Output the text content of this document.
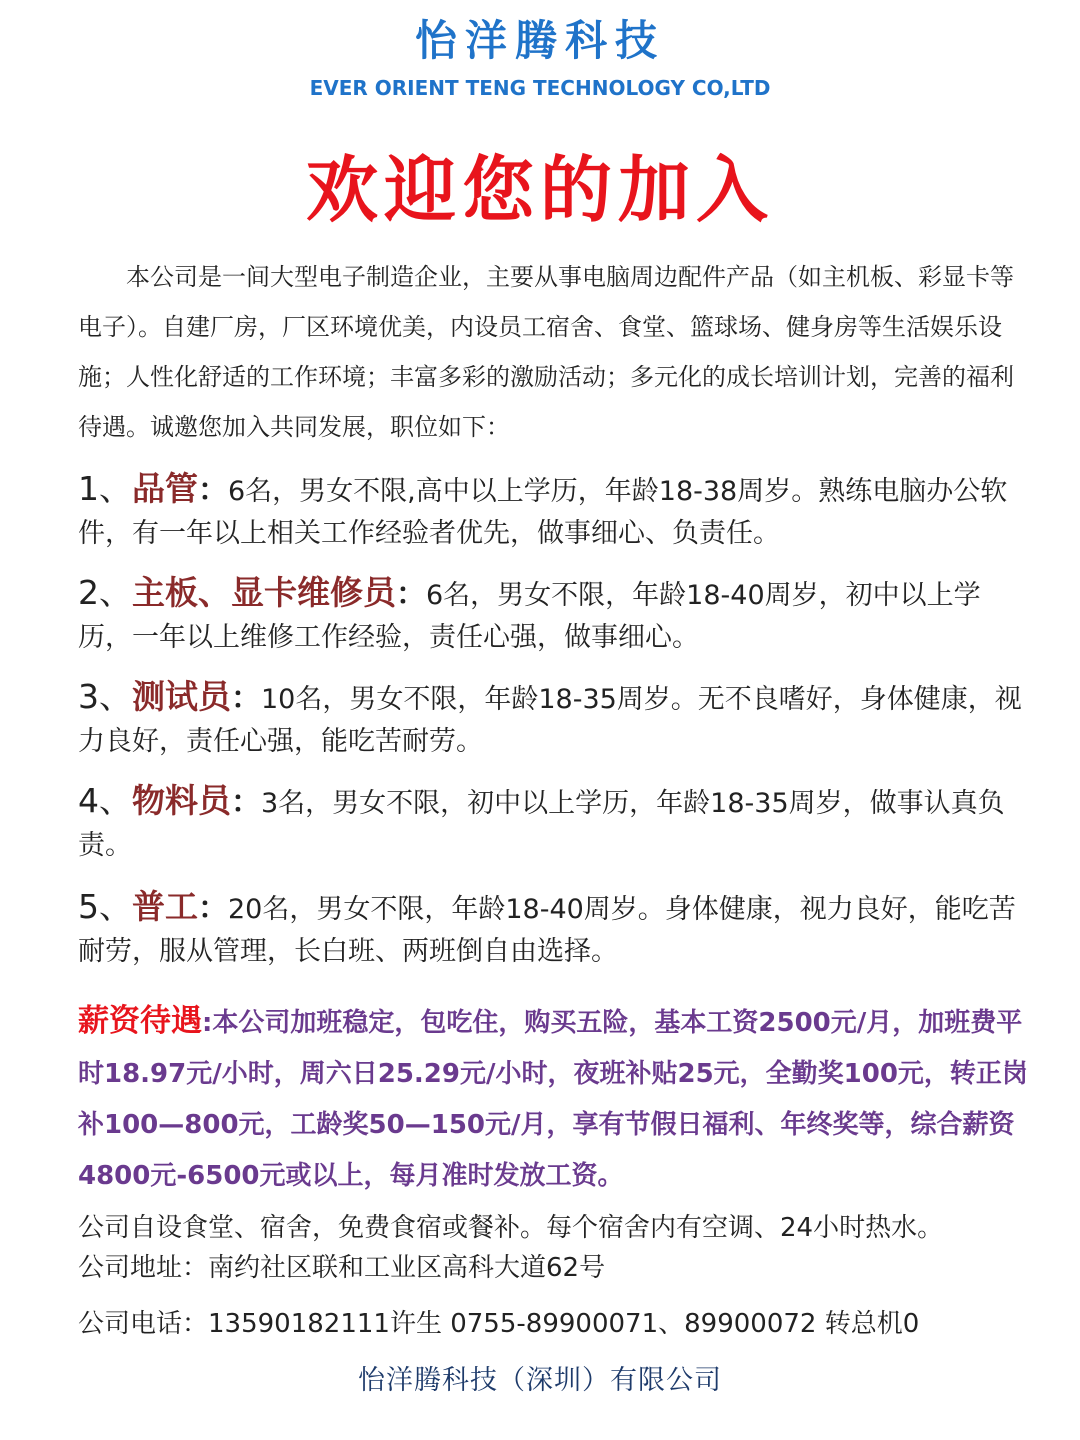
怡洋腾科技
EVER ORIENT TENG TECHNOLOGY CO,LTD
欢迎您的加入

本公司是一间大型电子制造企业，主要从事电脑周边配件产品（如主机板、彩显卡等电子）。自建厂房，厂区环境优美，内设员工宿舍、食堂、篮球场、健身房等生活娱乐设施；人性化舒适的工作环境；丰富多彩的激励活动；多元化的成长培训计划，完善的福利待遇。诚邀您加入共同发展，职位如下：

1、品管：6名，男女不限,高中以上学历，年龄18-38周岁。熟练电脑办公软件，有一年以上相关工作经验者优先，做事细心、负责任。

2、主板、显卡维修员：6名，男女不限，年龄18-40周岁，初中以上学历，一年以上维修工作经验，责任心强，做事细心。

3、测试员：10名，男女不限，年龄18-35周岁。无不良嗜好，身体健康，视力良好，责任心强，能吃苦耐劳。

4、物料员：3名，男女不限，初中以上学历，年龄18-35周岁，做事认真负责。

5、普工：20名，男女不限，年龄18-40周岁。身体健康，视力良好，能吃苦耐劳，服从管理，长白班、两班倒自由选择。

薪资待遇:本公司加班稳定，包吃住，购买五险，基本工资2500元/月，加班费平时18.97元/小时，周六日25.29元/小时，夜班补贴25元，全勤奖100元，转正岗补100—800元，工龄奖50—150元/月，享有节假日福利、年终奖等，综合薪资4800元-6500元或以上，每月准时发放工资。

公司自设食堂、宿舍，免费食宿或餐补。每个宿舍内有空调、24小时热水。

公司地址：南约社区联和工业区高科大道62号

公司电话：13590182111许生 0755-89900071、89900072 转总机0

怡洋腾科技（深圳）有限公司
